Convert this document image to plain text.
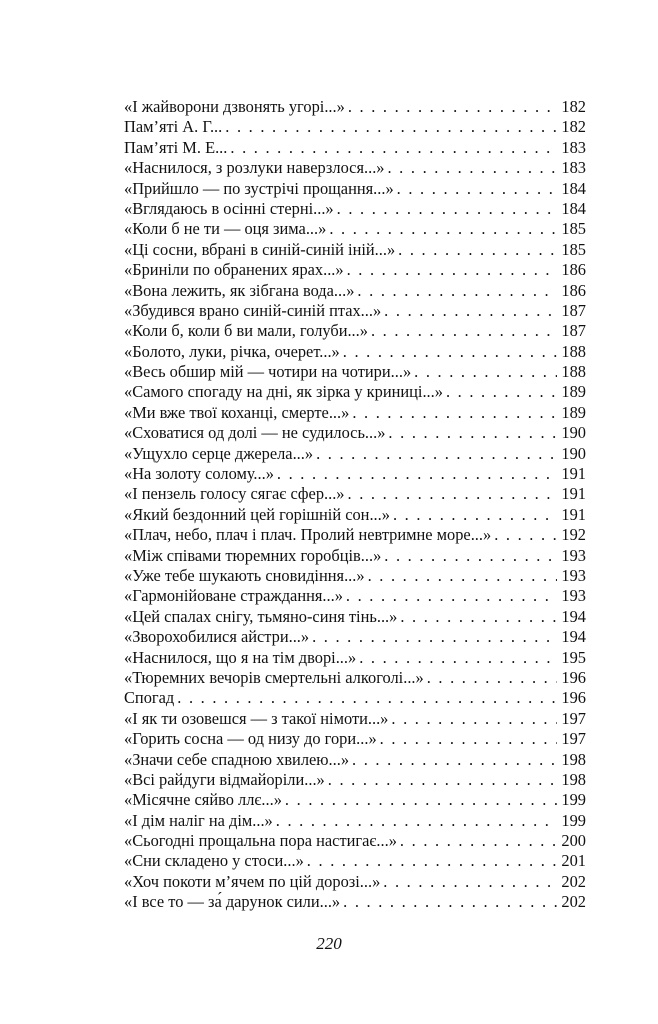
«І жайворони дзвонять угорі...» . . .	182
Пам’яті А. Г... . . .	182
Пам’яті М. Е... . . .	183
«Наснилося, з розлуки наверзлося...» . . .	183
«Прийшло — по зустрічі прощання...» . . .	184
«Вглядаюсь в осінні стерні...» . . .	184
«Коли б не ти — оця зима...» . . .	185
«Ці сосни, вбрані в синій-синій іній...» . . .	185
«Бриніли по обранених ярах...» . . .	186
«Вона лежить, як зібгана вода...» . . .	186
«Збудився врано синій-синій птах...» . . .	187
«Коли б, коли б ви мали, голуби...» . . .	187
«Болото, луки, річка, очерет...» . . .	188
«Весь обшир мій — чотири на чотири...» . . .	188
«Самого спогаду на дні, як зірка у криниці...» . . .	189
«Ми вже твої коханці, смерте...» . . .	189
«Сховатися од долі — не судилось...» . . .	190
«Ущухло серце джерела...» . . .	190
«На золоту солому...» . . .	191
«І пензель голосу сягає сфер...» . . .	191
«Який бездонний цей горішній сон...» . . .	191
«Плач, небо, плач і плач. Пролий невтримне море...» . . .	192
«Між співами тюремних горобців...» . . .	193
«Уже тебе шукають сновидіння...» . . .	193
«Гармонійоване страждання...» . . .	193
«Цей спалах снігу, тьмяно-синя тінь...» . . .	194
«Зворохобилися айстри...» . . .	194
«Наснилося, що я на тім дворі...» . . .	195
«Тюремних вечорів смертельні алкоголі...» . . .	196
Спогад . . .	196
«І як ти озовешся — з такої німоти...» . . .	197
«Горить сосна — од низу до гори...» . . .	197
«Значи себе спадною хвилею...» . . .	198
«Всі райдуги відмайоріли...» . . .	198
«Місячне сяйво ллє...» . . .	199
«І дім наліг на дім...» . . .	199
«Сьогодні прощальна пора настигає...» . . .	200
«Сни складено у стоси...» . . .	201
«Хоч покоти м’ячем по цій дорозі...» . . .	202
«І все то — за́ дарунок сили...» . . .	202
220
